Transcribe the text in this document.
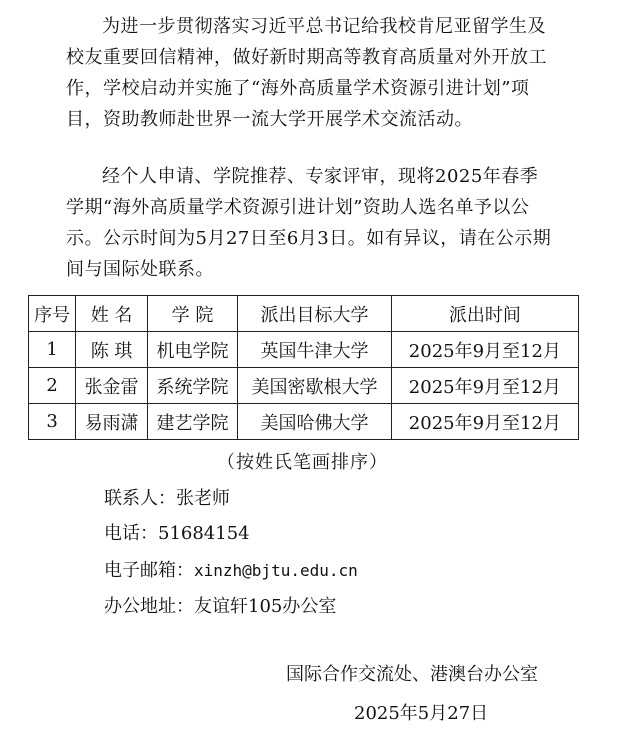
为进一步贯彻落实习近平总书记给我校肯尼亚留学生及校友重要回信精神，做好新时期高等教育高质量对外开放工作，学校启动并实施了“海外高质量学术资源引进计划”项目，资助教师赴世界一流大学开展学术交流活动。

经个人申请、学院推荐、专家评审，现将2025年春季学期“海外高质量学术资源引进计划”资助人选名单予以公示。公示时间为5月27日至6月3日。如有异议，请在公示期间与国际处联系。

序号	姓 名	学 院	派出目标大学	派出时间
1	陈 琪	机电学院	英国牛津大学	2025年9月至12月
2	张金雷	系统学院	美国密歇根大学	2025年9月至12月
3	易雨潇	建艺学院	美国哈佛大学	2025年9月至12月
（按姓氏笔画排序）
联系人：张老师
电话：51684154
电子邮箱：xinzh@bjtu.edu.cn
办公地址：友谊轩105办公室
国际合作交流处、港澳台办公室
2025年5月27日
